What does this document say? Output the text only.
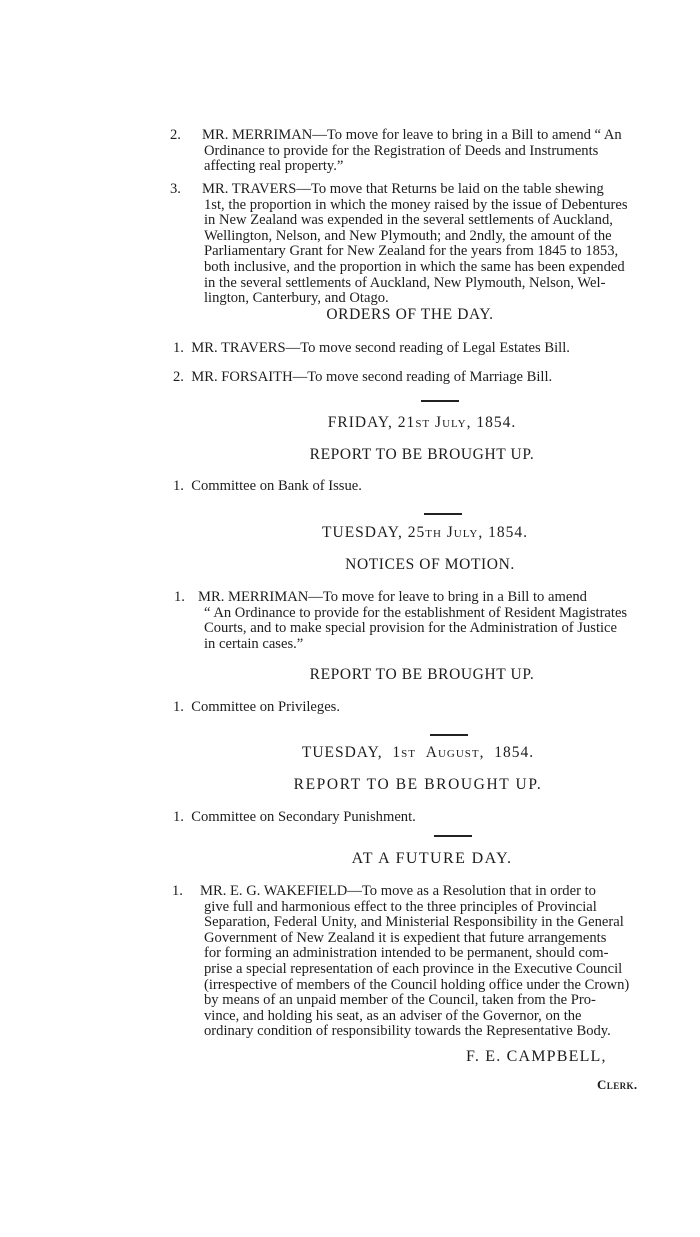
2. MR. MERRIMAN—To move for leave to bring in a Bill to amend “ An
Ordinance to provide for the Registration of Deeds and Instruments
affecting real property.”
3. MR. TRAVERS—To move that Returns be laid on the table shewing
1st, the proportion in which the money raised by the issue of Debentures
in New Zealand was expended in the several settlements of Auckland,
Wellington, Nelson, and New Plymouth; and 2ndly, the amount of the
Parliamentary Grant for New Zealand for the years from 1845 to 1853,
both inclusive, and the proportion in which the same has been expended
in the several settlements of Auckland, New Plymouth, Nelson, Wel-
lington, Canterbury, and Otago.
ORDERS OF THE DAY.
1. MR. TRAVERS—To move second reading of Legal Estates Bill.
2. MR. FORSAITH—To move second reading of Marriage Bill.
FRIDAY, 21st July, 1854.
REPORT TO BE BROUGHT UP.
1. Committee on Bank of Issue.
TUESDAY, 25th July, 1854.
NOTICES OF MOTION.
1. MR. MERRIMAN—To move for leave to bring in a Bill to amend
“ An Ordinance to provide for the establishment of Resident Magistrates
Courts, and to make special provision for the Administration of Justice
in certain cases.”
REPORT TO BE BROUGHT UP.
1. Committee on Privileges.
TUESDAY,  1st August,  1854.
REPORT TO BE BROUGHT UP.
1. Committee on Secondary Punishment.
AT A FUTURE DAY.
1. MR. E. G. WAKEFIELD—To move as a Resolution that in order to
give full and harmonious effect to the three principles of Provincial
Separation, Federal Unity, and Ministerial Responsibility in the General
Government of New Zealand it is expedient that future arrangements
for forming an administration intended to be permanent, should com-
prise a special representation of each province in the Executive Council
(irrespective of members of the Council holding office under the Crown)
by means of an unpaid member of the Council, taken from the Pro-
vince, and holding his seat, as an adviser of the Governor, on the
ordinary condition of responsibility towards the Representative Body.
F. E. CAMPBELL,
Clerk.
